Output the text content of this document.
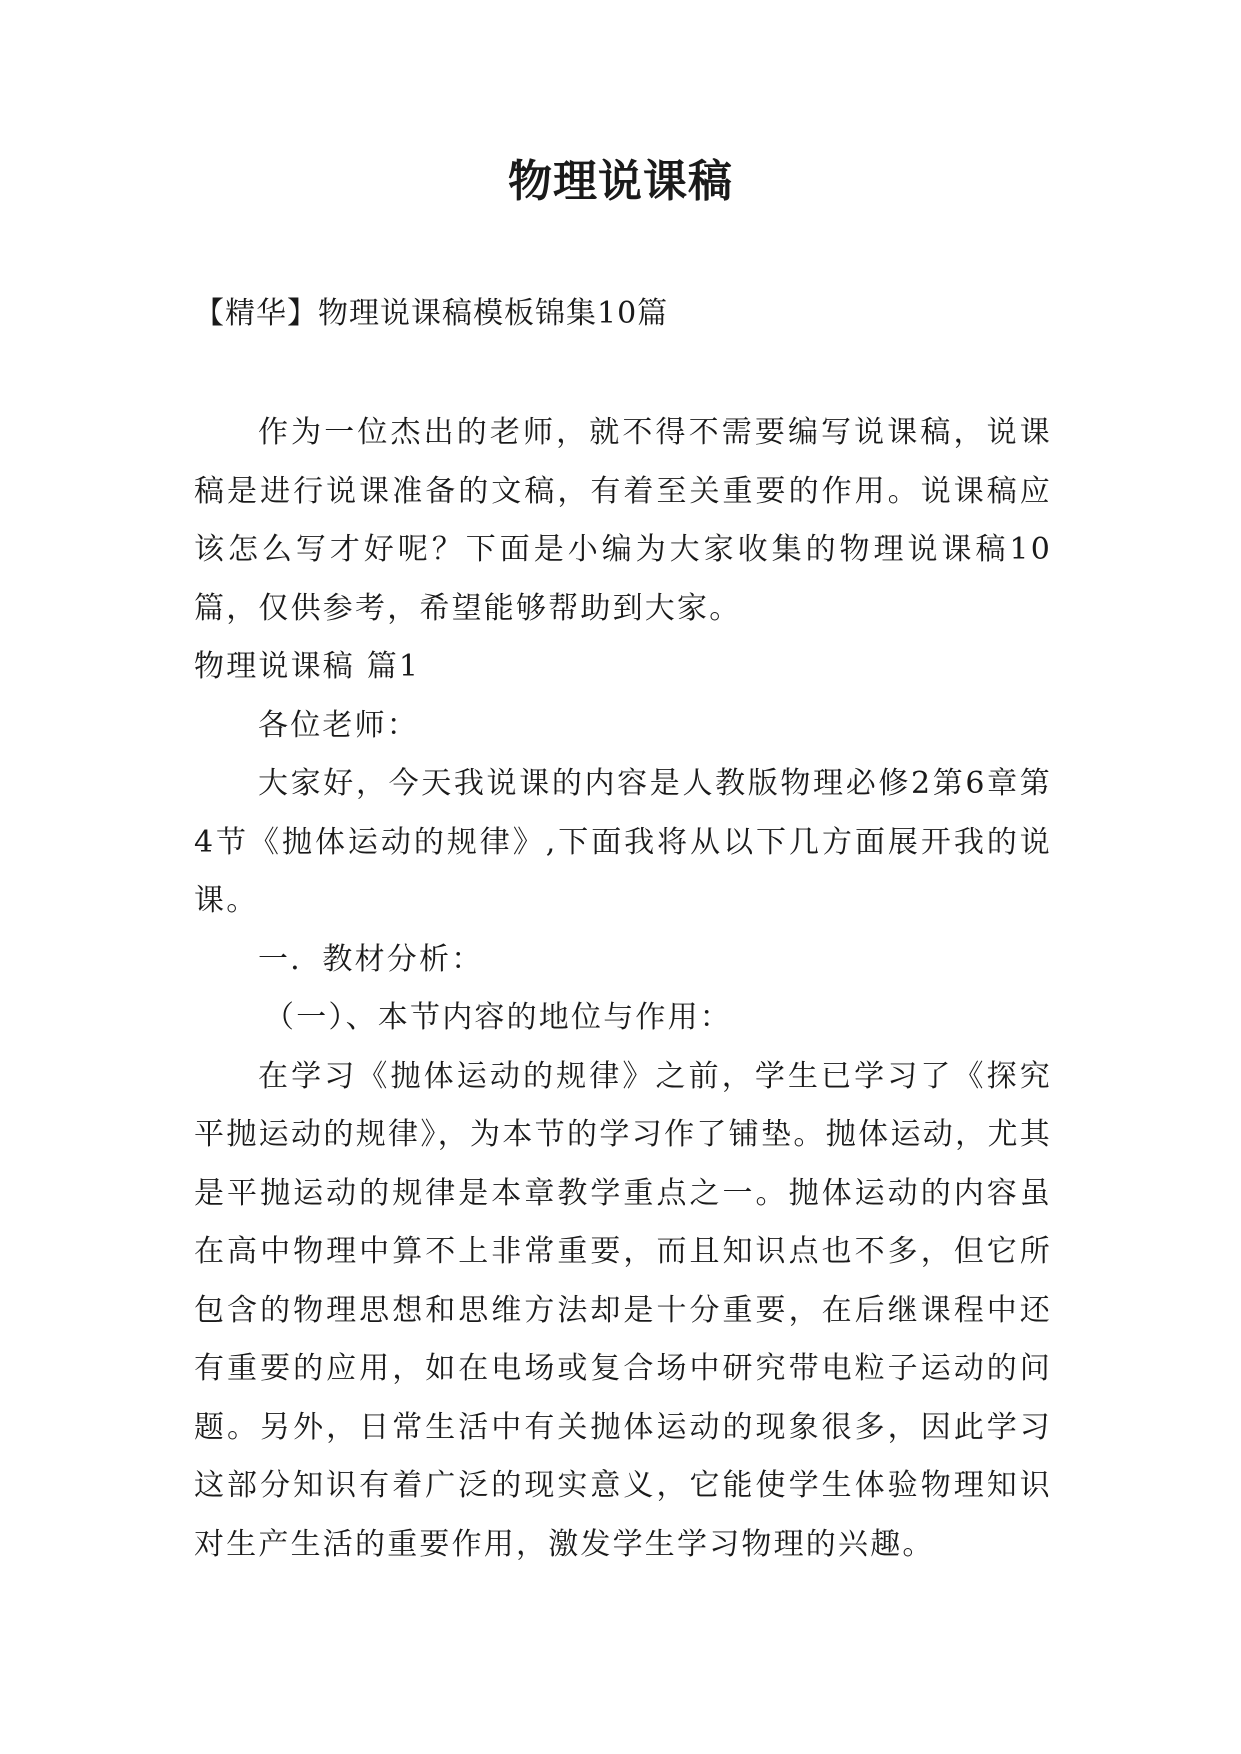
物理说课稿

【精华】物理说课稿模板锦集10篇

作为一位杰出的老师，就不得不需要编写说课稿，说课稿是进行说课准备的文稿，有着至关重要的作用。说课稿应该怎么写才好呢？下面是小编为大家收集的物理说课稿10篇，仅供参考，希望能够帮助到大家。

物理说课稿 篇1

各位老师：

大家好，今天我说课的内容是人教版物理必修2第6章第4节《抛体运动的规律》,下面我将从以下几方面展开我的说课。

一．教材分析：

（一）、本节内容的地位与作用：

在学习《抛体运动的规律》之前，学生已学习了《探究平抛运动的规律》，为本节的学习作了铺垫。抛体运动，尤其是平抛运动的规律是本章教学重点之一。抛体运动的内容虽在高中物理中算不上非常重要，而且知识点也不多，但它所包含的物理思想和思维方法却是十分重要，在后继课程中还有重要的应用，如在电场或复合场中研究带电粒子运动的问题。另外，日常生活中有关抛体运动的现象很多，因此学习这部分知识有着广泛的现实意义，它能使学生体验物理知识对生产生活的重要作用，激发学生学习物理的兴趣。
